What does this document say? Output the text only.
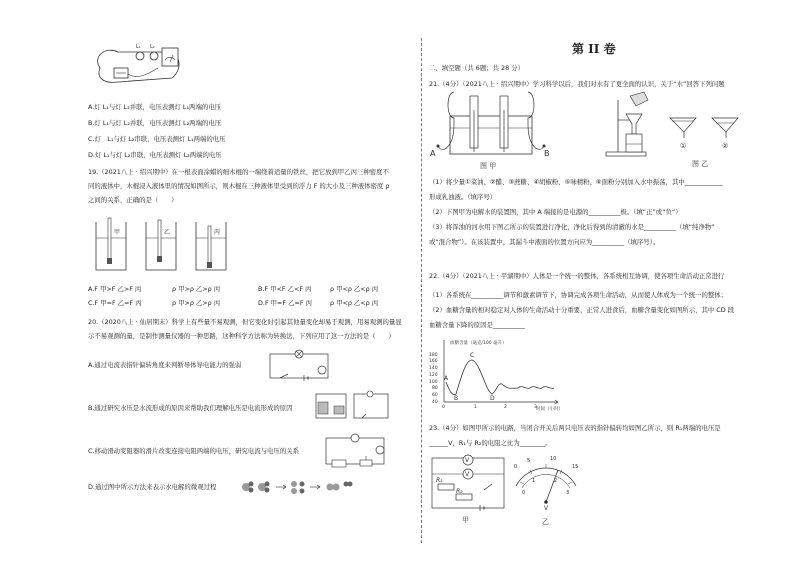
L₁ L₂
A.灯 L₁与灯 L₂并联，电压表测灯 L₁两端的电压
B.灯 L₁与灯 L₂并联，电压表测灯 L₂两端的电压
C.灯　L₁与灯 L₂串联，电压表测灯 L₁两端的电压
D.灯 L₁与灯 L₂串联，电压表测灯 L₂两端的电压
19.（2021八上 · 绍兴期中）在一根表面涂蜡的细木棍的一端绕着适量的铁丝，把它放到甲乙丙三种密度不
同的液体中，木棍浸入液体里的情况如图所示，则木棍在三种液体里受到的浮力 F 的大小及三种液体密度 ρ
之间的关系，正确的是（　　）
甲	乙	丙
A.F 甲>F 乙>F 丙	ρ 甲>ρ 乙>ρ 丙	B.F 甲<F 乙<F 丙	ρ 甲<ρ 乙<ρ 丙
C.F 甲=F 乙=F 丙	ρ 甲>ρ 乙>ρ 丙	D.F 甲=F 乙=F 丙	ρ 甲<ρ 乙<ρ 丙
20.（2020八上 · 仙居期末）科学上有些量不易观测，但它变化时引起其他量变化却易于观测，用易观测的量显
示不易观测的量，是制作测量仪器的一种思路，这种科学方法称为转换法，下列应用了这一方法的是（　　）
A.通过电流表指针偏转角度来判断导体导电能力的强弱
B.通过研究水压是水流形成的原因来帮助我们理解电压是电流形成的原因
C.移动滑动变阻器的滑片改变连接电阻两端的电压，研究电流与电压的关系
D.通过图中所示方法来表示水电解的微观过程
第 II 卷
二、填空题（共 6题；共 28 分）
21.（4分）（2021八上 · 绍兴期中）学习科学以后，我们对水有了更全面的认识，关于“水”回答下列问题
A	B
图 甲
①	②
图 乙
（1）将少量①菜油、②醋、③蔗糖、④胡椒粉、⑤味精粉、⑥面粉分别加入水中振荡，其中____________
形成乳浊液。（填序号）
（2）下图甲为电解水的装置图，其中 A 端接的是电源的__________极。（填“正”或“负”）
（3）将浑浊的河水用下图乙所示的装置进行净化，净化后得到的清澈的水是__________（填“纯净物”
或“混合物”）。在该装置中，其漏斗中液面的位置方向应为__________（填序号）。
22.（4分）（2021八上 · 平湖期中）人体是一个统一的整体，各系统相互协调，使各项生命活动正常进行
（1）各系统在__________调节和激素调节下，协调完成各项生命活动，从而使人体成为一个统一的整体；
（2）血糖含量的相对稳定对人体的生命活动十分重要，正常人进食后，血糖含量变化如图所示，其中 CD 段
血糖含量下降的原因是__________
血糖含量（毫克/100 毫升）
时间（小时）
180
160
140
120
100
80
60
40
0	1	2	3
A
B
C
D
23.（4分）如图甲所示的电路，当闭合开关后两只电压表的指针偏转均如图乙所示，则 R₁两端的电压是
______V，R₁与 R₂的电阻之比为________。
V
V
R₁
R₂
甲
0
5	10
15
0
1	2
3
V
乙
